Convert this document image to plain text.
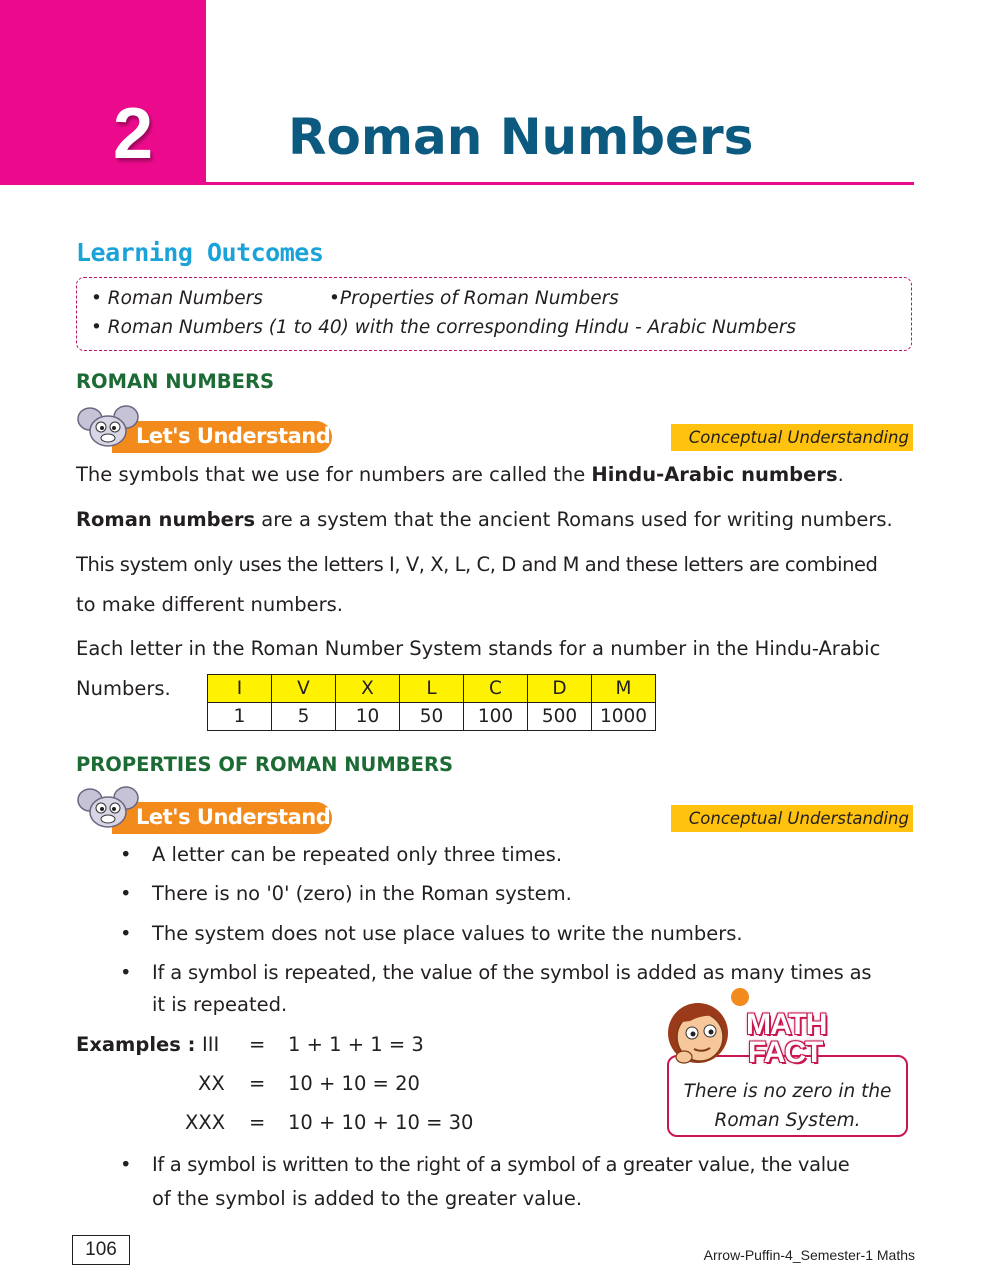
2	Roman Numbers
Learning Outcomes
• Roman Numbers	•Properties of Roman Numbers
• Roman Numbers (1 to 40) with the corresponding Hindu - Arabic Numbers
ROMAN NUMBERS
Let's Understand	Conceptual Understanding
The symbols that we use for numbers are called the Hindu-Arabic numbers.
Roman numbers are a system that the ancient Romans used for writing numbers.
This system only uses the letters I, V, X, L, C, D and M and these letters are combined
to make different numbers.
Each letter in the Roman Number System stands for a number in the Hindu-Arabic
Numbers.	I	V	X	L	C	D	M
1	5	10	50	100	500	1000
PROPERTIES OF ROMAN NUMBERS
Let's Understand	Conceptual Understanding
• A letter can be repeated only three times.
• There is no '0' (zero) in the Roman system.
• The system does not use place values to write the numbers.
• If a symbol is repeated, the value of the symbol is added as many times as
it is repeated.
Examples : III = 1 + 1 + 1 = 3
XX = 10 + 10 = 20
XXX = 10 + 10 + 10 = 30
There is no zero in the
Roman System.
MATH
FACT
• If a symbol is written to the right of a symbol of a greater value, the value
of the symbol is added to the greater value.
106	Arrow-Puffin-4_Semester-1 Maths
